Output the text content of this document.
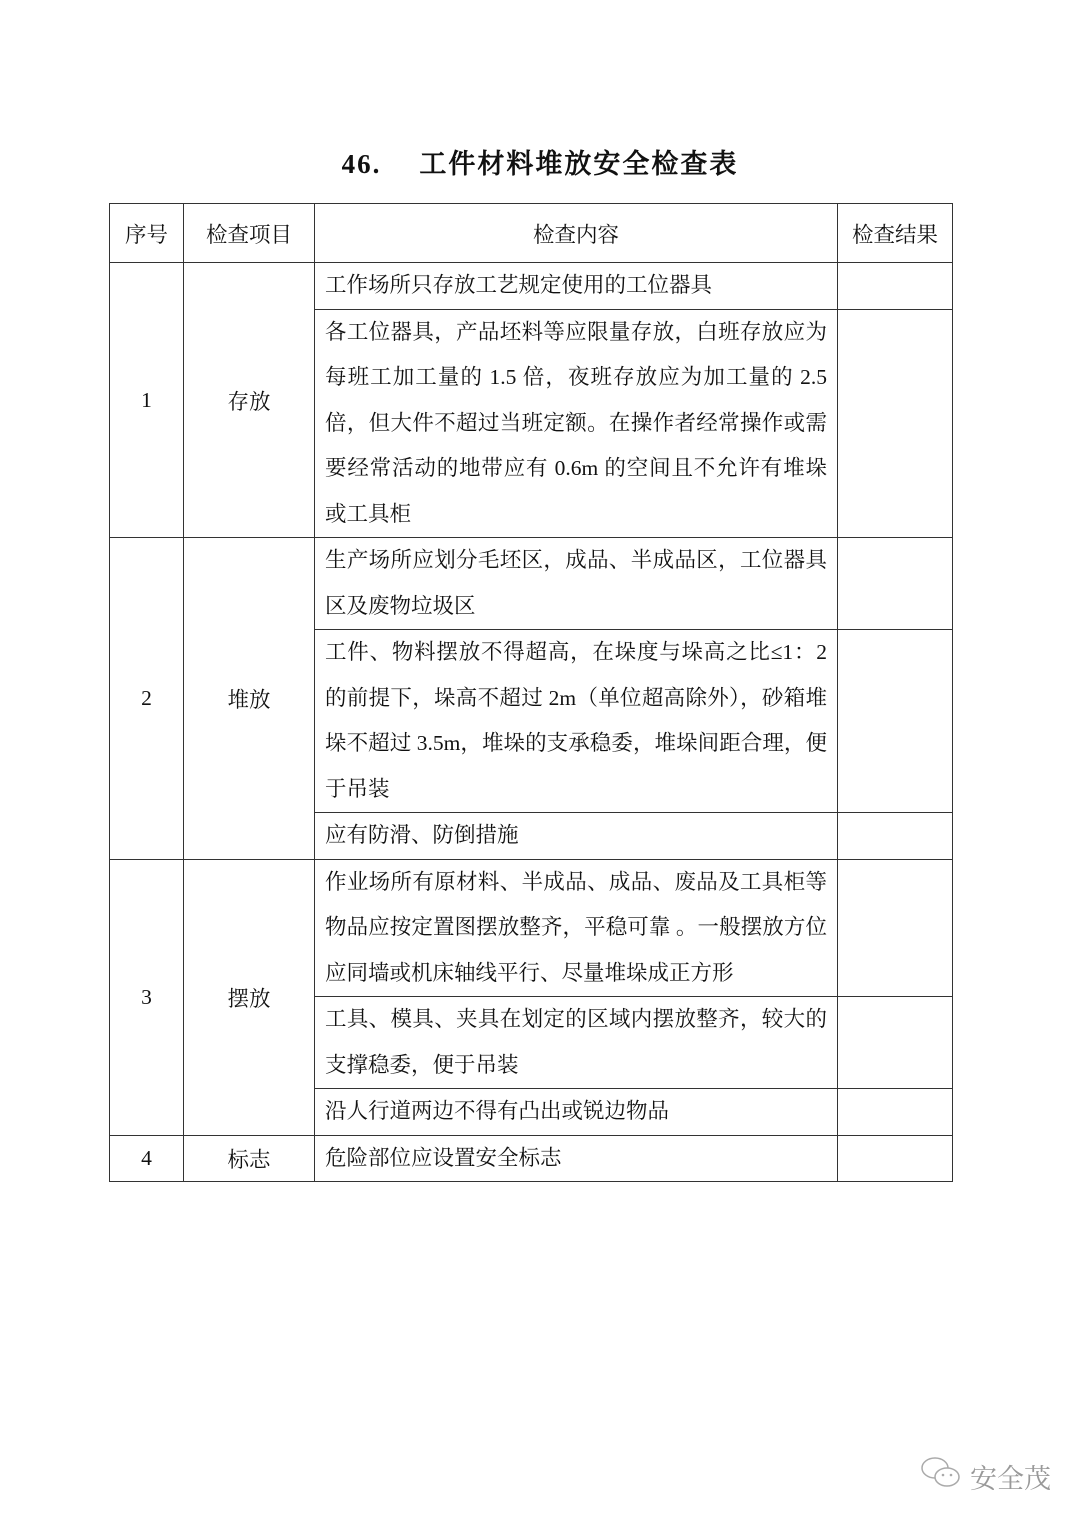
46. 工件材料堆放安全检查表
序号	检查项目	检查内容	检查结果
1	存放	工作场所只存放工艺规定使用的工位器具	
		各工位器具，产品坯料等应限量存放，白班存放应为每班工加工量的 1.5 倍，夜班存放应为加工量的 2.5 倍，但大件不超过当班定额。在操作者经常操作或需要经常活动的地带应有 0.6m 的空间且不允许有堆垛或工具柜	
2	堆放	生产场所应划分毛坯区，成品、半成品区，工位器具区及废物垃圾区	
		工件、物料摆放不得超高，在垛度与垛高之比≤1：2的前提下，垛高不超过 2m（单位超高除外），砂箱堆垛不超过 3.5m，堆垛的支承稳委，堆垛间距合理，便于吊装	
		应有防滑、防倒措施	
3	摆放	作业场所有原材料、半成品、成品、废品及工具柜等物品应按定置图摆放整齐，平稳可靠 。一般摆放方位应同墙或机床轴线平行、尽量堆垛成正方形	
		工具、模具、夹具在划定的区域内摆放整齐，较大的支撑稳委，便于吊装	
		沿人行道两边不得有凸出或锐边物品	
4	标志	危险部位应设置安全标志	
安全茂
